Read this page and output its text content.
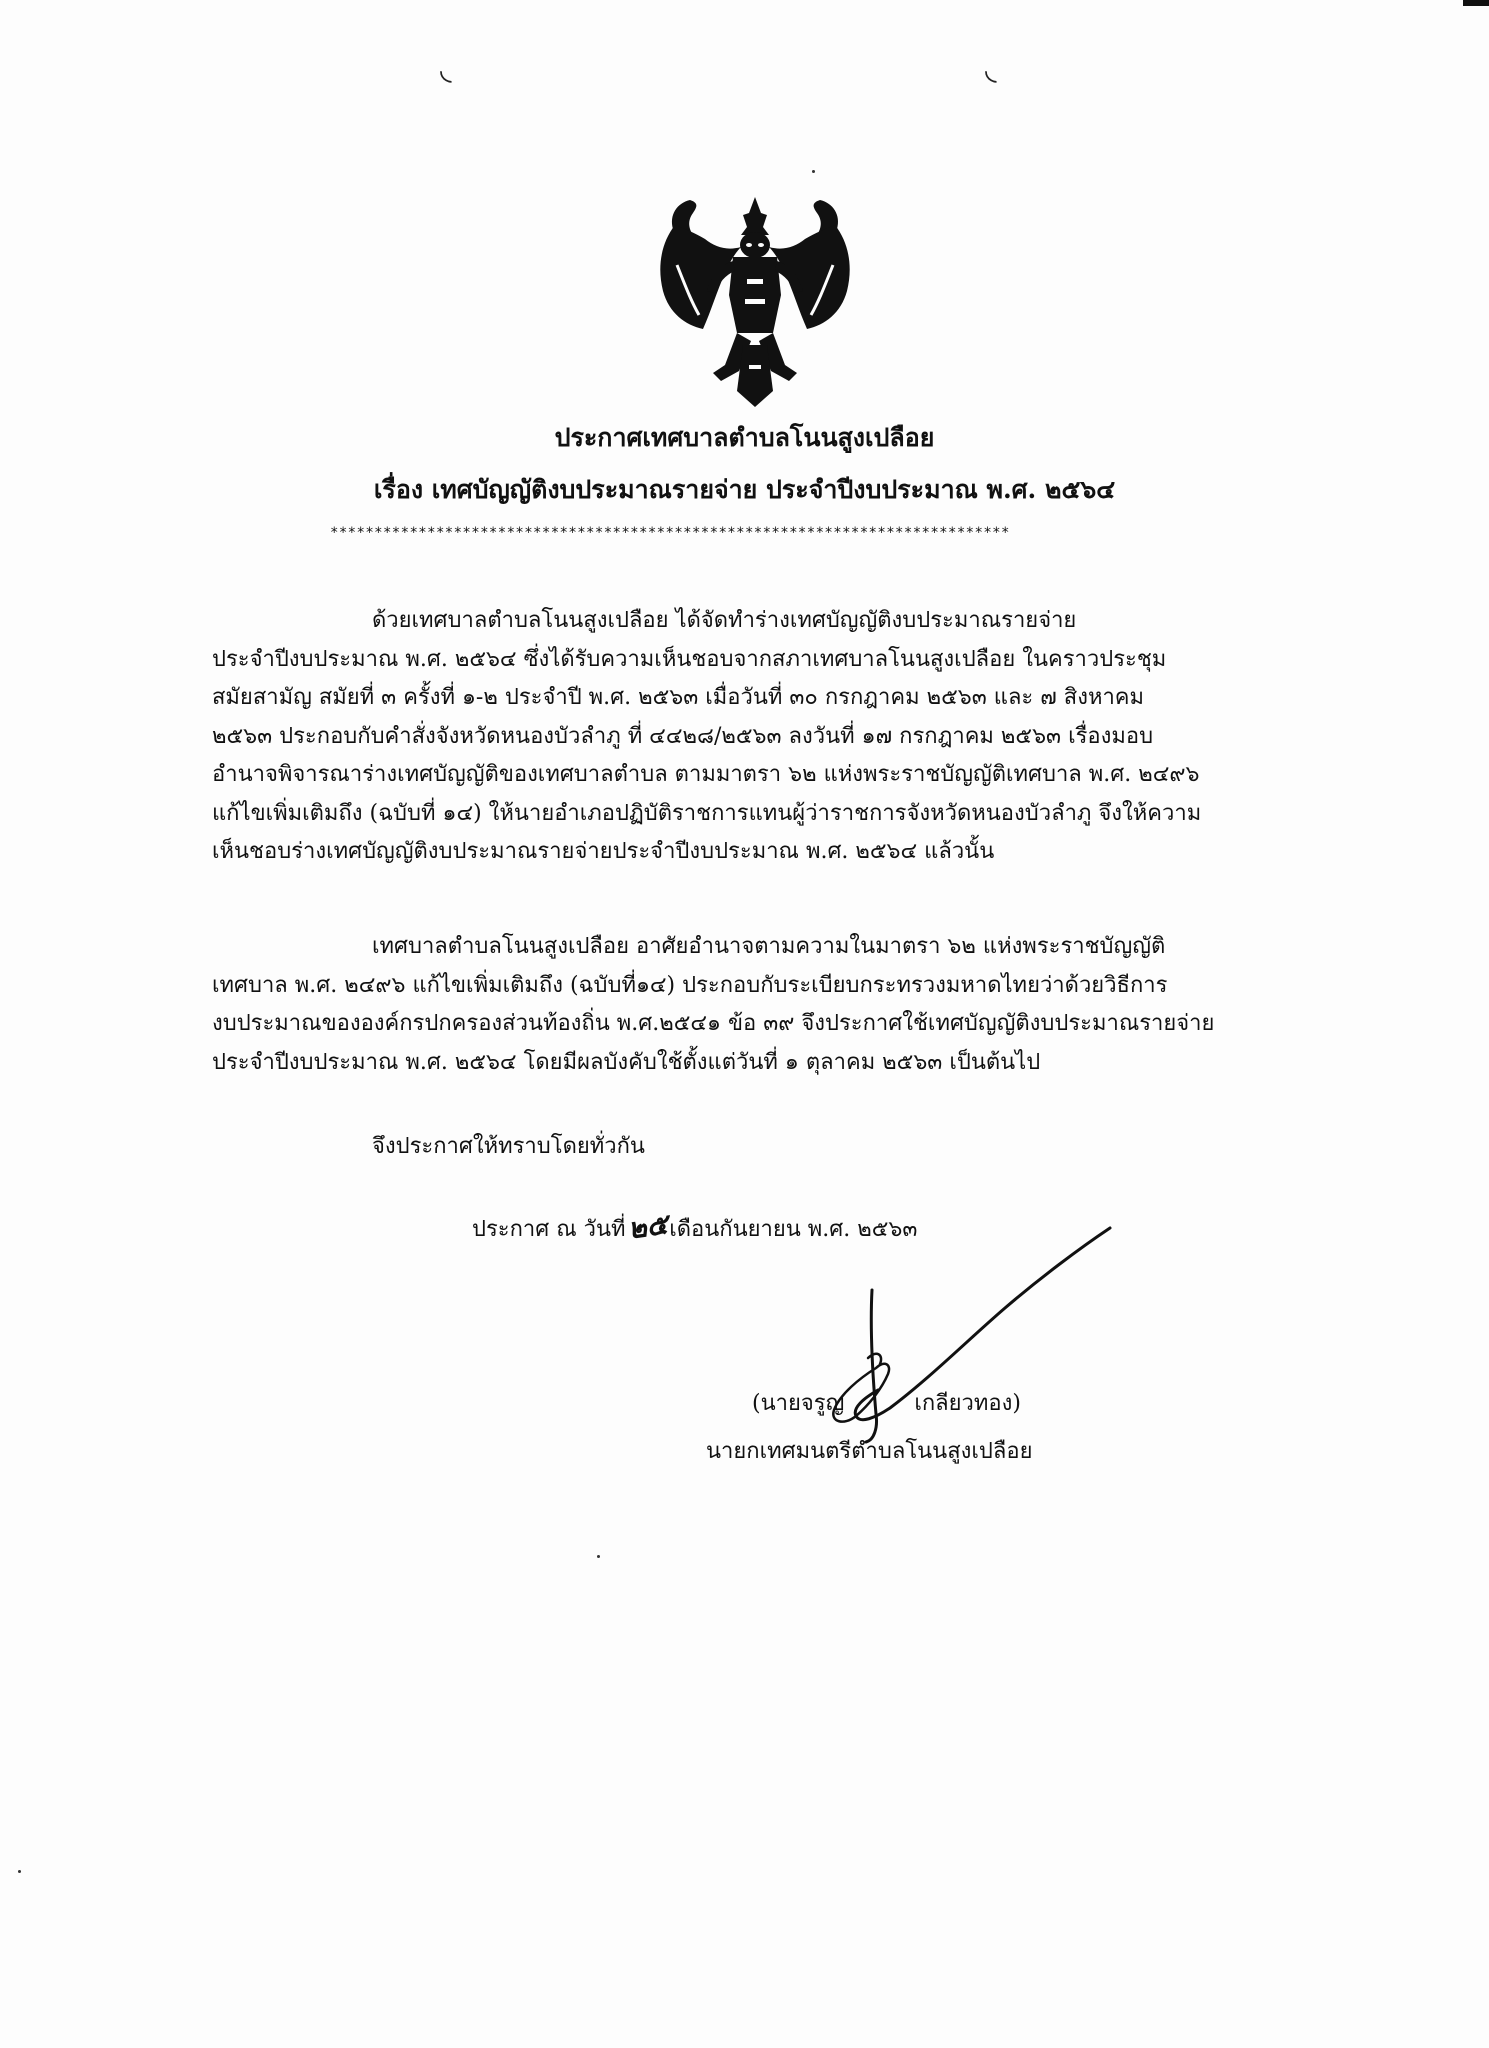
◟	◟
ประกาศเทศบาลตำบลโนนสูงเปลือย
เรื่อง เทศบัญญัติงบประมาณรายจ่าย ประจำปีงบประมาณ พ.ศ. ๒๕๖๔
*****************************************************************************
ด้วยเทศบาลตำบลโนนสูงเปลือย ได้จัดทำร่างเทศบัญญัติงบประมาณรายจ่าย
ประจำปีงบประมาณ พ.ศ. ๒๕๖๔ ซึ่งได้รับความเห็นชอบจากสภาเทศบาลโนนสูงเปลือย ในคราวประชุม
สมัยสามัญ สมัยที่ ๓ ครั้งที่ ๑-๒ ประจำปี พ.ศ. ๒๕๖๓ เมื่อวันที่ ๓๐ กรกฎาคม ๒๕๖๓ และ ๗ สิงหาคม
๒๕๖๓ ประกอบกับคำสั่งจังหวัดหนองบัวลำภู ที่ ๔๔๒๘/๒๕๖๓ ลงวันที่ ๑๗ กรกฎาคม ๒๕๖๓ เรื่องมอบ
อำนาจพิจารณาร่างเทศบัญญัติของเทศบาลตำบล ตามมาตรา ๖๒ แห่งพระราชบัญญัติเทศบาล พ.ศ. ๒๔๙๖
แก้ไขเพิ่มเติมถึง (ฉบับที่ ๑๔) ให้นายอำเภอปฏิบัติราชการแทนผู้ว่าราชการจังหวัดหนองบัวลำภู จึงให้ความ
เห็นชอบร่างเทศบัญญัติงบประมาณรายจ่ายประจำปีงบประมาณ พ.ศ. ๒๕๖๔ แล้วนั้น
เทศบาลตำบลโนนสูงเปลือย อาศัยอำนาจตามความในมาตรา ๖๒ แห่งพระราชบัญญัติ
เทศบาล พ.ศ. ๒๔๙๖ แก้ไขเพิ่มเติมถึง (ฉบับที่๑๔) ประกอบกับระเบียบกระทรวงมหาดไทยว่าด้วยวิธีการ
งบประมาณขององค์กรปกครองส่วนท้องถิ่น พ.ศ.๒๕๔๑ ข้อ ๓๙ จึงประกาศใช้เทศบัญญัติงบประมาณรายจ่าย
ประจำปีงบประมาณ พ.ศ. ๒๕๖๔ โดยมีผลบังคับใช้ตั้งแต่วันที่ ๑ ตุลาคม ๒๕๖๓ เป็นต้นไป
จึงประกาศให้ทราบโดยทั่วกัน
ประกาศ ณ วันที่๒๕เดือนกันยายน พ.ศ. ๒๕๖๓
(นายจรูญ	เกลียวทอง)
นายกเทศมนตรีตำบลโนนสูงเปลือย
